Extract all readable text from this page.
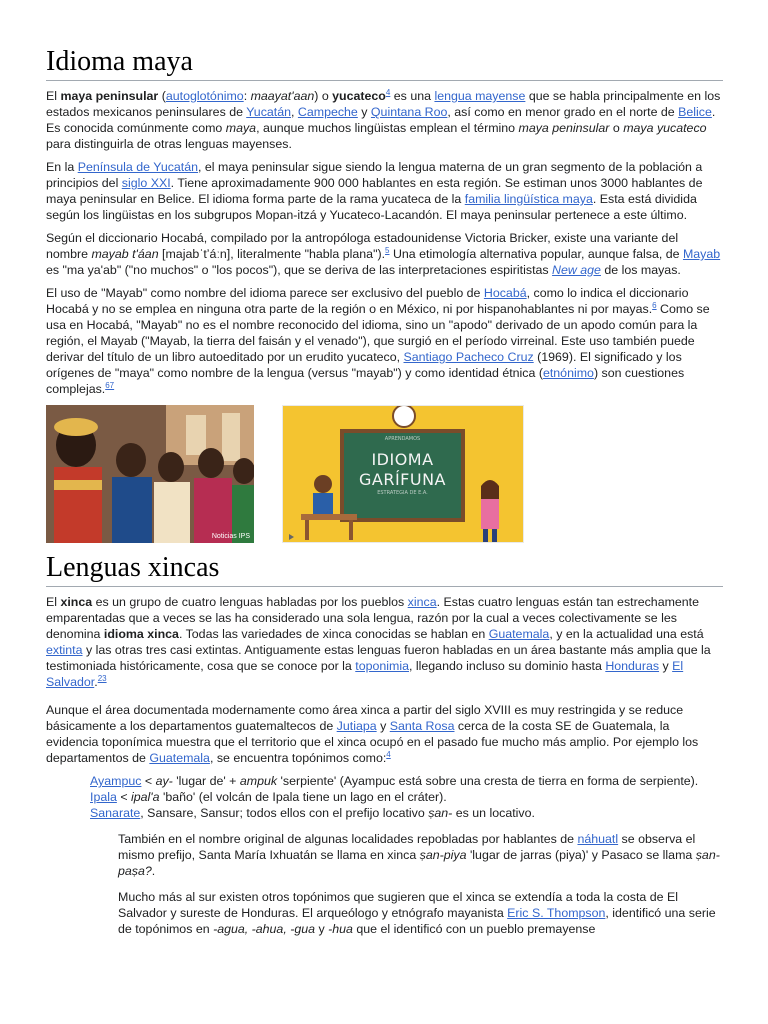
Idioma maya

El maya peninsular (autoglotónimo: maayat'aan) o yucateco$^4$ es una lengua mayense que se habla principalmente en los estados mexicanos peninsulares de Yucatán, Campeche y Quintana Roo, así como en menor grado en el norte de Belice. Es conocida comúnmente como maya, aunque muchos lingüistas emplean el término maya peninsular o maya yucateco para distinguirla de otras lenguas mayenses.

En la Península de Yucatán, el maya peninsular sigue siendo la lengua materna de un gran segmento de la población a principios del siglo XXI. Tiene aproximadamente 900 000 hablantes en esta región. Se estiman unos 3000 hablantes de maya peninsular en Belice. El idioma forma parte de la rama yucateca de la familia lingüística maya. Esta está dividida según los lingüistas en los subgrupos Mopan-itzá y Yucateco-Lacandón. El maya peninsular pertenece a este último.

Según el diccionario Hocabá, compilado por la antropóloga estadounidense Victoria Bricker, existe una variante del nombre mayab t'áan [majabˈtʼáːn], literalmente "habla plana").$^5$ Una etimología alternativa popular, aunque falsa, de Mayab es "ma ya'ab" ("no muchos" o "los pocos"), que se deriva de las interpretaciones espiritistas New age de los mayas.

El uso de "Mayab" como nombre del idioma parece ser exclusivo del pueblo de Hocabá, como lo indica el diccionario Hocabá y no se emplea en ninguna otra parte de la región o en México, ni por hispanohablantes ni por mayas.$^6$ Como se usa en Hocabá, "Mayab" no es el nombre reconocido del idioma, sino un "apodo" derivado de un apodo común para la región, el Mayab ("Mayab, la tierra del faisán y el venado"), que surgió en el período virreinal. Este uso también puede derivar del título de un libro autoeditado por un erudito yucateco, Santiago Pacheco Cruz (1969). El significado y los orígenes de "maya" como nombre de la lengua (versus "mayab") y como identidad étnica (etnónimo) son cuestiones complejas.$^{67}$

Noticias IPS
APRENDAMOS
IDIOMA
GARÍFUNA
ESTRATEGIA DE E.A.
Lenguas xincas

El xinca es un grupo de cuatro lenguas habladas por los pueblos xinca. Estas cuatro lenguas están tan estrechamente emparentadas que a veces se las ha considerado una sola lengua, razón por la cual a veces colectivamente se les denomina idioma xinca. Todas las variedades de xinca conocidas se hablan en Guatemala, y en la actualidad una está extinta y las otras tres casi extintas. Antiguamente estas lenguas fueron habladas en un área bastante más amplia que la testimoniada históricamente, cosa que se conoce por la toponimia, llegando incluso su dominio hasta Honduras y El Salvador.$^{23}$

Aunque el área documentada modernamente como área xinca a partir del siglo XVIII es muy restringida y se reduce básicamente a los departamentos guatemaltecos de Jutiapa y Santa Rosa cerca de la costa SE de Guatemala, la evidencia toponímica muestra que el territorio que el xinca ocupó en el pasado fue mucho más amplio. Por ejemplo los departamentos de Guatemala, se encuentra topónimos como:$^4$

Ayampuc < ay- 'lugar de' + ampuk 'serpiente' (Ayampuc está sobre una cresta de tierra en forma de serpiente).

Ipala < ipal'a 'baño' (el volcán de Ipala tiene un lago en el cráter).

Sanarate, Sansare, Sansur; todos ellos con el prefijo locativo ṣan- es un locativo.

También en el nombre original de algunas localidades repobladas por hablantes de náhuatl se observa el mismo prefijo, Santa María Ixhuatán se llama en xinca ṣan-piya 'lugar de jarras (piya)' y Pasaco se llama ṣan-paṣa?.

Mucho más al sur existen otros topónimos que sugieren que el xinca se extendía a toda la costa de El Salvador y sureste de Honduras. El arqueólogo y etnógrafo mayanista Eric S. Thompson, identificó una serie de topónimos en -agua, -ahua, -gua y -hua que el identificó con un pueblo premayense
